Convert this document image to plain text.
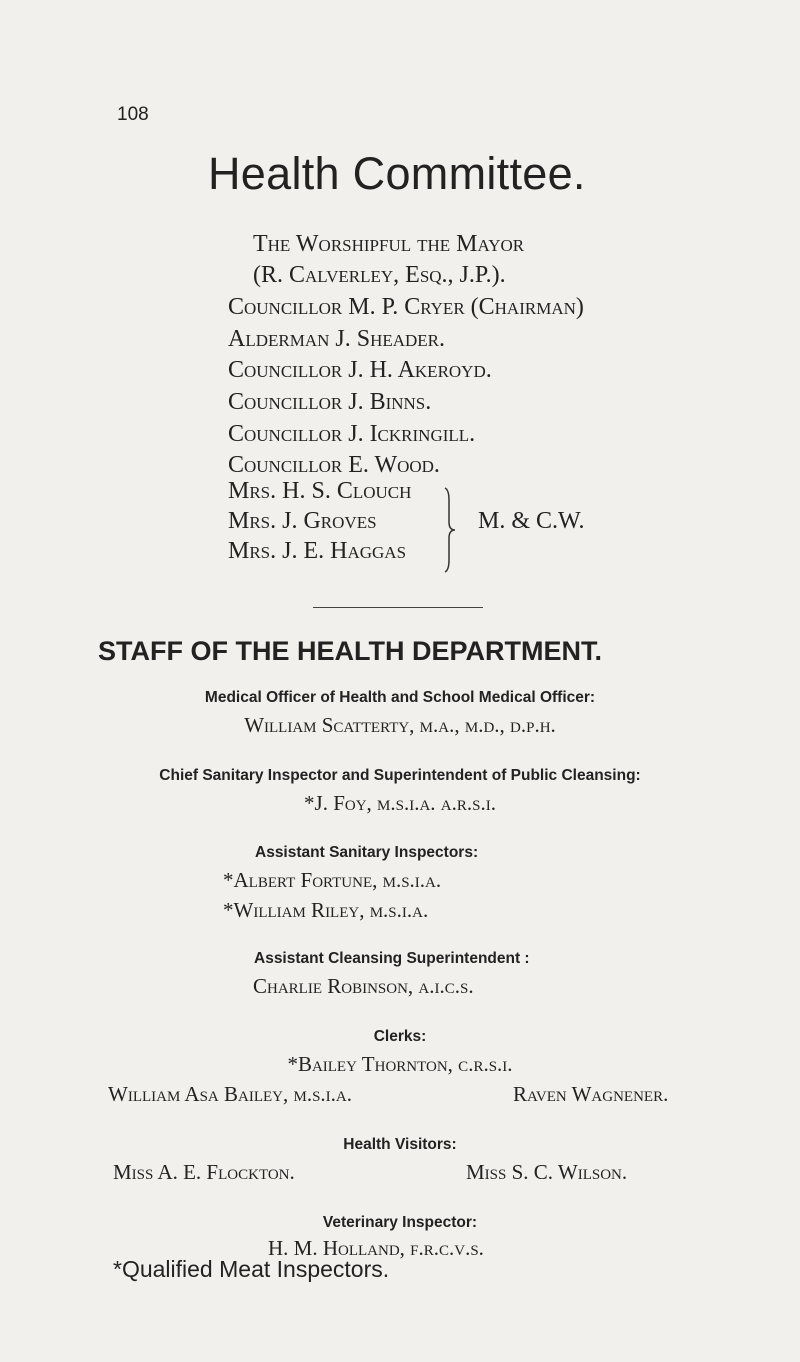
108
Health Committee.
The Worshipful the Mayor
(R. Calverley, Esq., J.P.).
Councillor M. P. Cryer (Chairman)
Alderman J. Sheader.
Councillor J. H. Akeroyd.
Councillor J. Binns.
Councillor J. Ickringill.
Councillor E. Wood.
Mrs. H. S. Clouch
Mrs. J. Groves
Mrs. J. E. Haggas
M. & C.W.
STAFF OF THE HEALTH DEPARTMENT.
Medical Officer of Health and School Medical Officer:
William Scatterty, m.a., m.d., d.p.h.
Chief Sanitary Inspector and Superintendent of Public Cleansing:
*J. Foy, m.s.i.a. a.r.s.i.
Assistant Sanitary Inspectors:
*Albert Fortune, m.s.i.a.
*William Riley, m.s.i.a.
Assistant Cleansing Superintendent :
Charlie Robinson, a.i.c.s.
Clerks:
*Bailey Thornton, c.r.s.i.
William Asa Bailey, m.s.i.a.	Raven Wagnener.
Health Visitors:
Miss A. E. Flockton.	Miss S. C. Wilson.
Veterinary Inspector:
H. M. Holland, f.r.c.v.s.
*Qualified Meat Inspectors.
